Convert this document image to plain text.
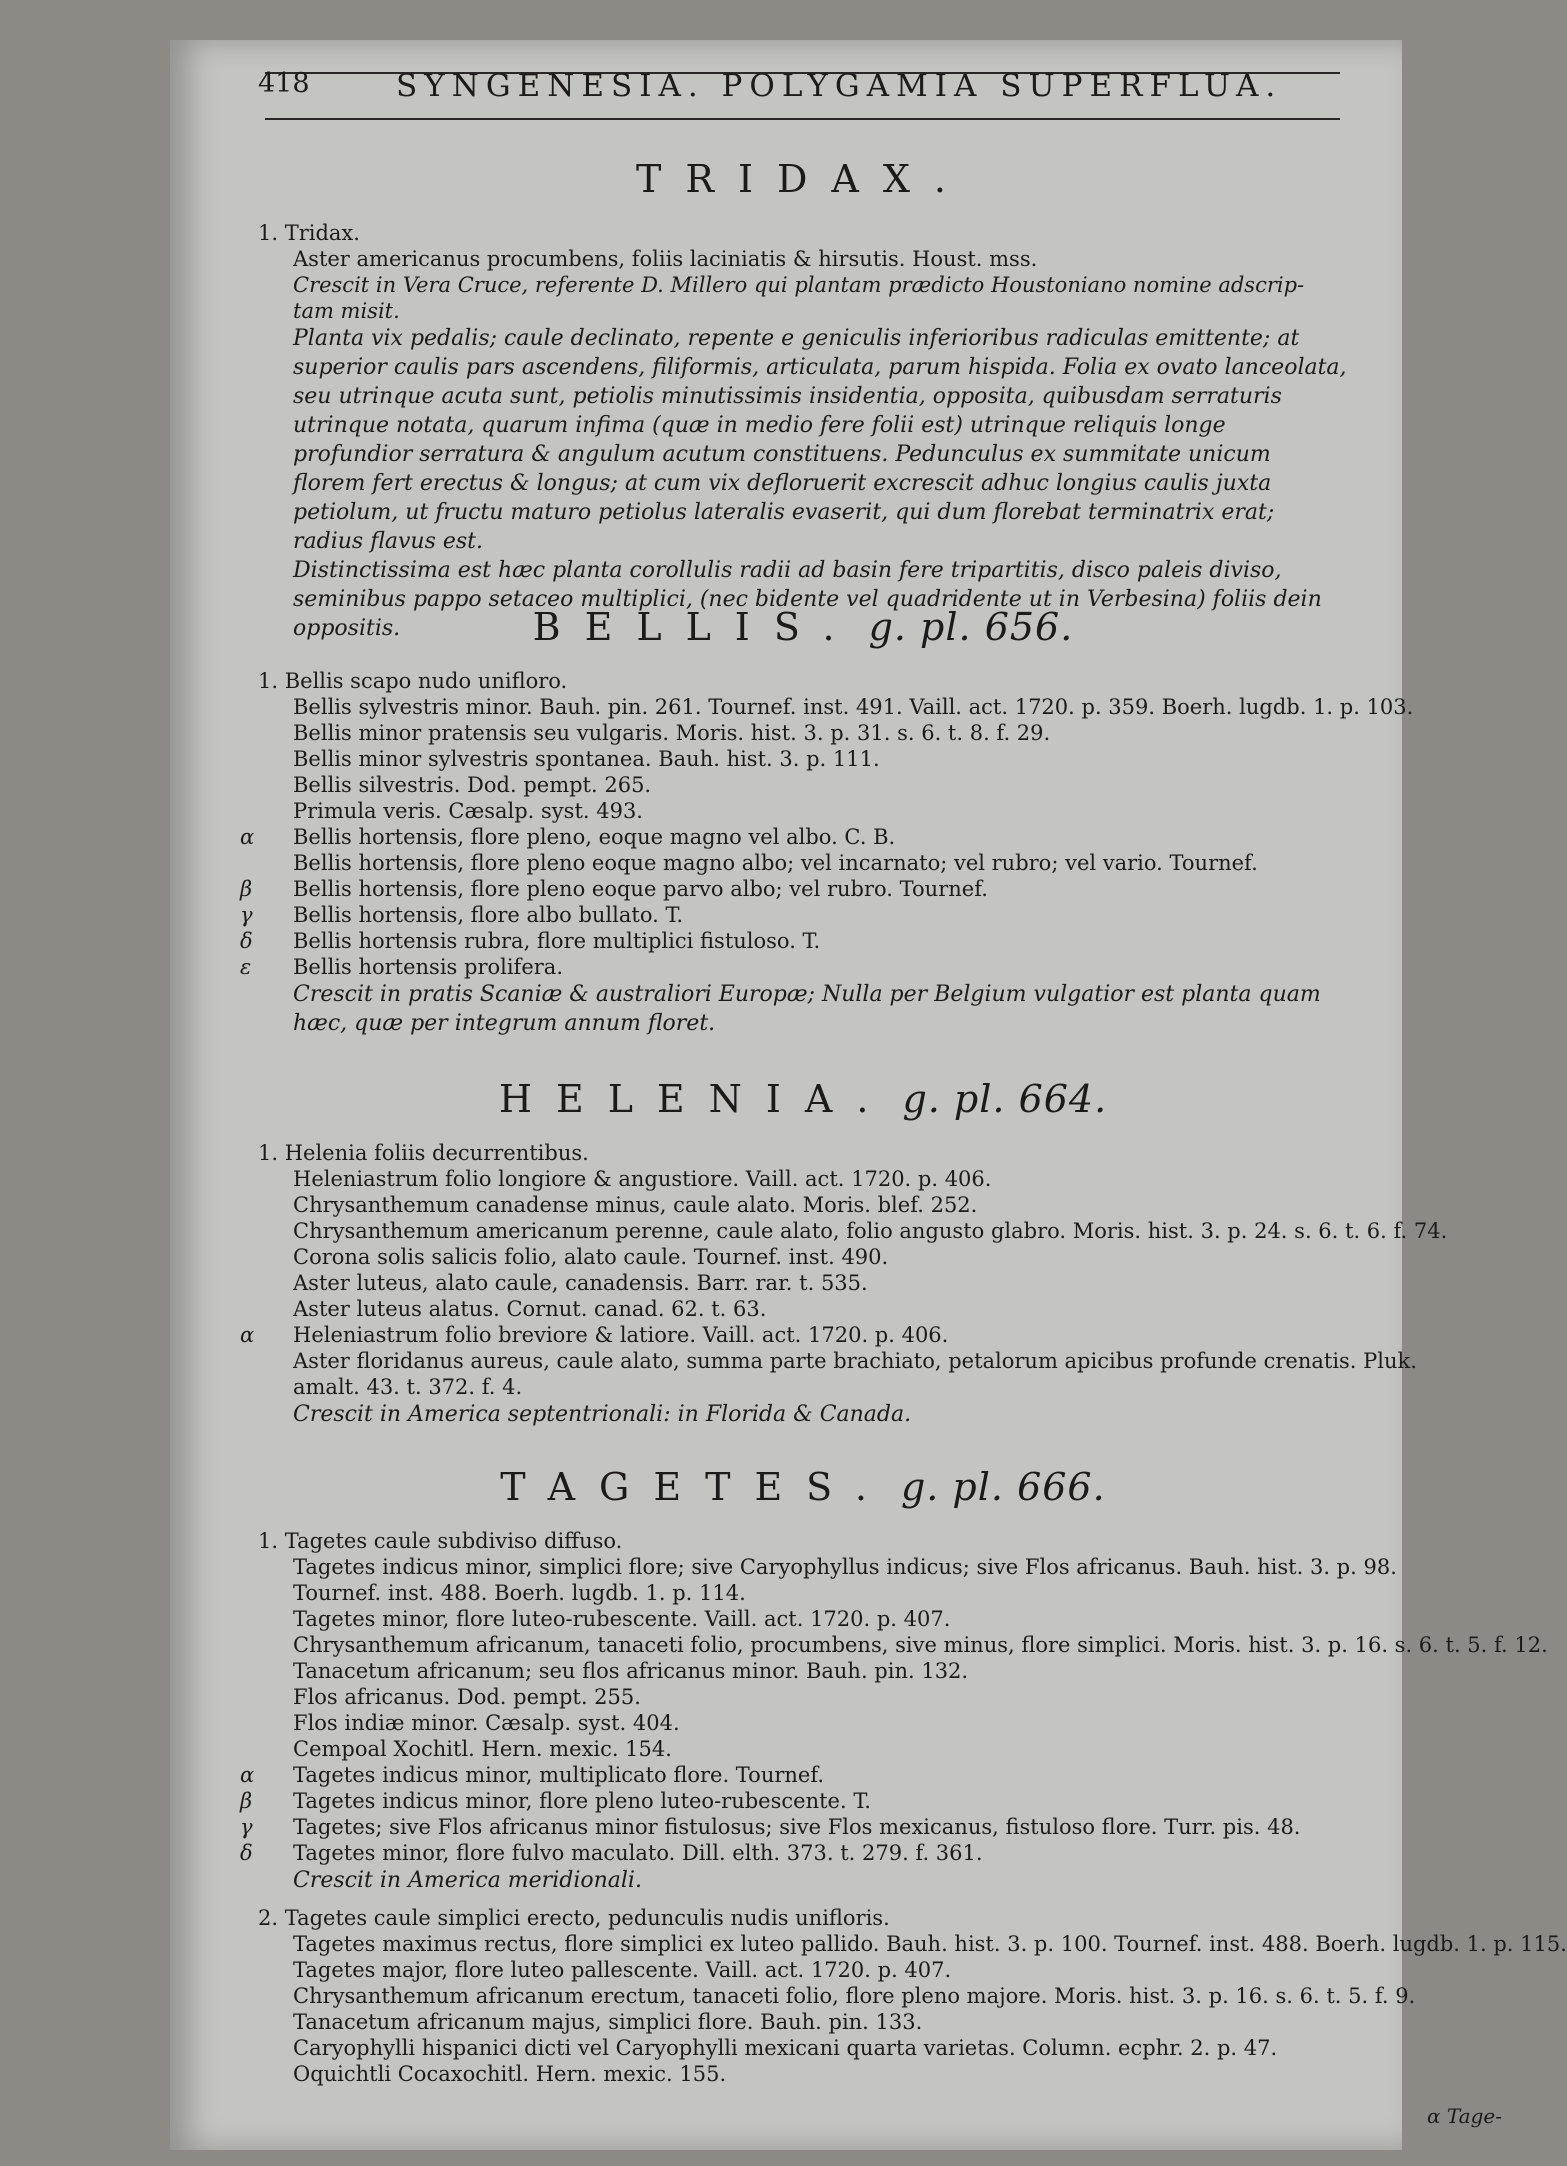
418	SYNGENESIA. POLYGAMIA SUPERFLUA.
TRIDAX.
1. Tridax.
Aster americanus procumbens, foliis laciniatis & hirsutis. Houst. mss.
Crescit in Vera Cruce, referente D. Millero qui plantam prædicto Houstoniano nomine adscrip-
tam misit.
Planta vix pedalis; caule declinato, repente e geniculis inferioribus radiculas emittente; at superior caulis pars ascendens, filiformis, articulata, parum hispida. Folia ex ovato lanceolata, seu utrinque acuta sunt, petiolis minutissimis insidentia, opposita, quibusdam serraturis utrinque notata, quarum infima (quæ in medio fere folii est) utrinque reliquis longe profundior serratura & angulum acutum constituens. Pedunculus ex summitate unicum florem fert erectus & longus; at cum vix defloruerit excrescit adhuc longius caulis juxta petiolum, ut fructu maturo petiolus lateralis evaserit, qui dum florebat terminatrix erat; radius flavus est.
Distinctissima est hæc planta corollulis radii ad basin fere tripartitis, disco paleis diviso, seminibus pappo setaceo multiplici, (nec bidente vel quadridente ut in Verbesina) foliis dein oppositis.	BELLIS. g. pl. 656.
1. Bellis scapo nudo unifloro.
Bellis sylvestris minor. Bauh. pin. 261. Tournef. inst. 491. Vaill. act. 1720. p. 359. Boerh. lugdb. 1. p. 103.
Bellis minor pratensis seu vulgaris. Moris. hist. 3. p. 31. s. 6. t. 8. f. 29.
Bellis minor sylvestris spontanea. Bauh. hist. 3. p. 111.
Bellis silvestris. Dod. pempt. 265.
Primula veris. Cæsalp. syst. 493.
α Bellis hortensis, flore pleno, eoque magno vel albo. C. B.
Bellis hortensis, flore pleno eoque magno albo; vel incarnato; vel rubro; vel vario. Tournef.
β Bellis hortensis, flore pleno eoque parvo albo; vel rubro. Tournef.
γ Bellis hortensis, flore albo bullato. T.
δ Bellis hortensis rubra, flore multiplici fistuloso. T.
ε Bellis hortensis prolifera.
Crescit in pratis Scaniæ & australiori Europæ; Nulla per Belgium vulgatior est planta quam hæc, quæ per integrum annum floret.
HELENIA. g. pl. 664.
1. Helenia foliis decurrentibus.
Heleniastrum folio longiore & angustiore. Vaill. act. 1720. p. 406.
Chrysanthemum canadense minus, caule alato. Moris. blef. 252.
Chrysanthemum americanum perenne, caule alato, folio angusto glabro. Moris. hist. 3. p. 24. s. 6. t. 6. f. 74.
Corona solis salicis folio, alato caule. Tournef. inst. 490.
Aster luteus, alato caule, canadensis. Barr. rar. t. 535.
Aster luteus alatus. Cornut. canad. 62. t. 63.
α Heleniastrum folio breviore & latiore. Vaill. act. 1720. p. 406.
Aster floridanus aureus, caule alato, summa parte brachiato, petalorum apicibus profunde crenatis. Pluk.
amalt. 43. t. 372. f. 4.
Crescit in America septentrionali: in Florida & Canada.
TAGETES. g. pl. 666.
1. Tagetes caule subdiviso diffuso.
Tagetes indicus minor, simplici flore; sive Caryophyllus indicus; sive Flos africanus. Bauh. hist. 3. p. 98.
Tournef. inst. 488. Boerh. lugdb. 1. p. 114.
Tagetes minor, flore luteo-rubescente. Vaill. act. 1720. p. 407.
Chrysanthemum africanum, tanaceti folio, procumbens, sive minus, flore simplici. Moris. hist. 3. p. 16. s. 6. t. 5. f. 12.
Tanacetum africanum; seu flos africanus minor. Bauh. pin. 132.
Flos africanus. Dod. pempt. 255.
Flos indiæ minor. Cæsalp. syst. 404.
Cempoal Xochitl. Hern. mexic. 154.
α Tagetes indicus minor, multiplicato flore. Tournef.
β Tagetes indicus minor, flore pleno luteo-rubescente. T.
γ Tagetes; sive Flos africanus minor fistulosus; sive Flos mexicanus, fistuloso flore. Turr. pis. 48.
δ Tagetes minor, flore fulvo maculato. Dill. elth. 373. t. 279. f. 361.
Crescit in America meridionali.
2. Tagetes caule simplici erecto, pedunculis nudis unifloris.
Tagetes maximus rectus, flore simplici ex luteo pallido. Bauh. hist. 3. p. 100. Tournef. inst. 488. Boerh. lugdb. 1. p. 115.
Tagetes major, flore luteo pallescente. Vaill. act. 1720. p. 407.
Chrysanthemum africanum erectum, tanaceti folio, flore pleno majore. Moris. hist. 3. p. 16. s. 6. t. 5. f. 9.
Tanacetum africanum majus, simplici flore. Bauh. pin. 133.
Caryophylli hispanici dicti vel Caryophylli mexicani quarta varietas. Column. ecphr. 2. p. 47.
Oquichtli Cocaxochitl. Hern. mexic. 155.
α Tage-
